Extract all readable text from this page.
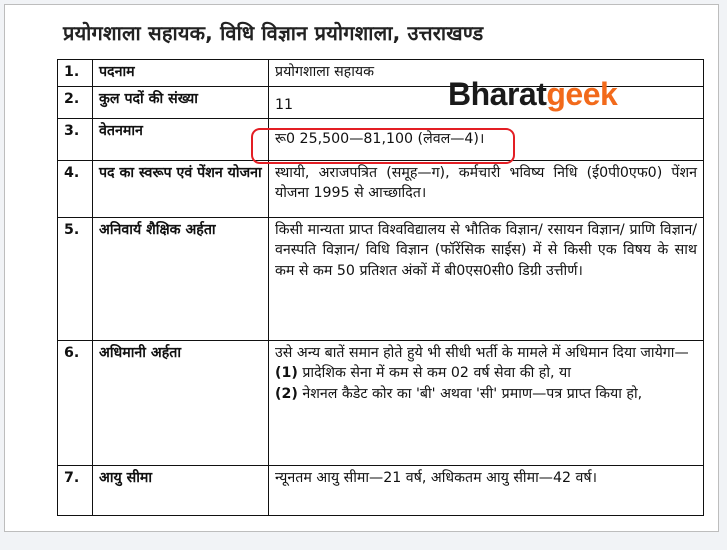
प्रयोगशाला सहायक, विधि विज्ञान प्रयोगशाला, उत्तराखण्ड
1.	पदनाम	प्रयोगशाला सहायक
2.	कुल पदों की संख्या	11
3.	वेतनमान	रू0 25,500—81,100 (लेवल—4)।
4.	पद का स्वरूप एवं पेंशन योजना	स्थायी, अराजपत्रित (समूह—ग), कर्मचारी भविष्य निधि (ई0पी0एफ0) पेंशन योजना 1995 से आच्छादित।
5.	अनिवार्य शैक्षिक अर्हता	किसी मान्यता प्राप्त विश्वविद्यालय से भौतिक विज्ञान/ रसायन विज्ञान/ प्राणि विज्ञान/ वनस्पति विज्ञान/ विधि विज्ञान (फॉरेंसिक साईस) में से किसी एक विषय के साथ कम से कम 50 प्रतिशत अंकों में बी0एस0सी0 डिग्री उत्तीर्ण।
6.	अधिमानी अर्हता	उसे अन्य बातें समान होते हुये भी सीधी भर्ती के मामले में अधिमान दिया जायेगा—
(1) प्रादेशिक सेना में कम से कम 02 वर्ष सेवा की हो, या
(2) नेशनल कैडेट कोर का 'बी' अथवा 'सी' प्रमाण—पत्र प्राप्त किया हो,

7.	आयु सीमा	न्यूनतम आयु सीमा—21 वर्ष, अधिकतम आयु सीमा—42 वर्ष।
Bharatgeek
